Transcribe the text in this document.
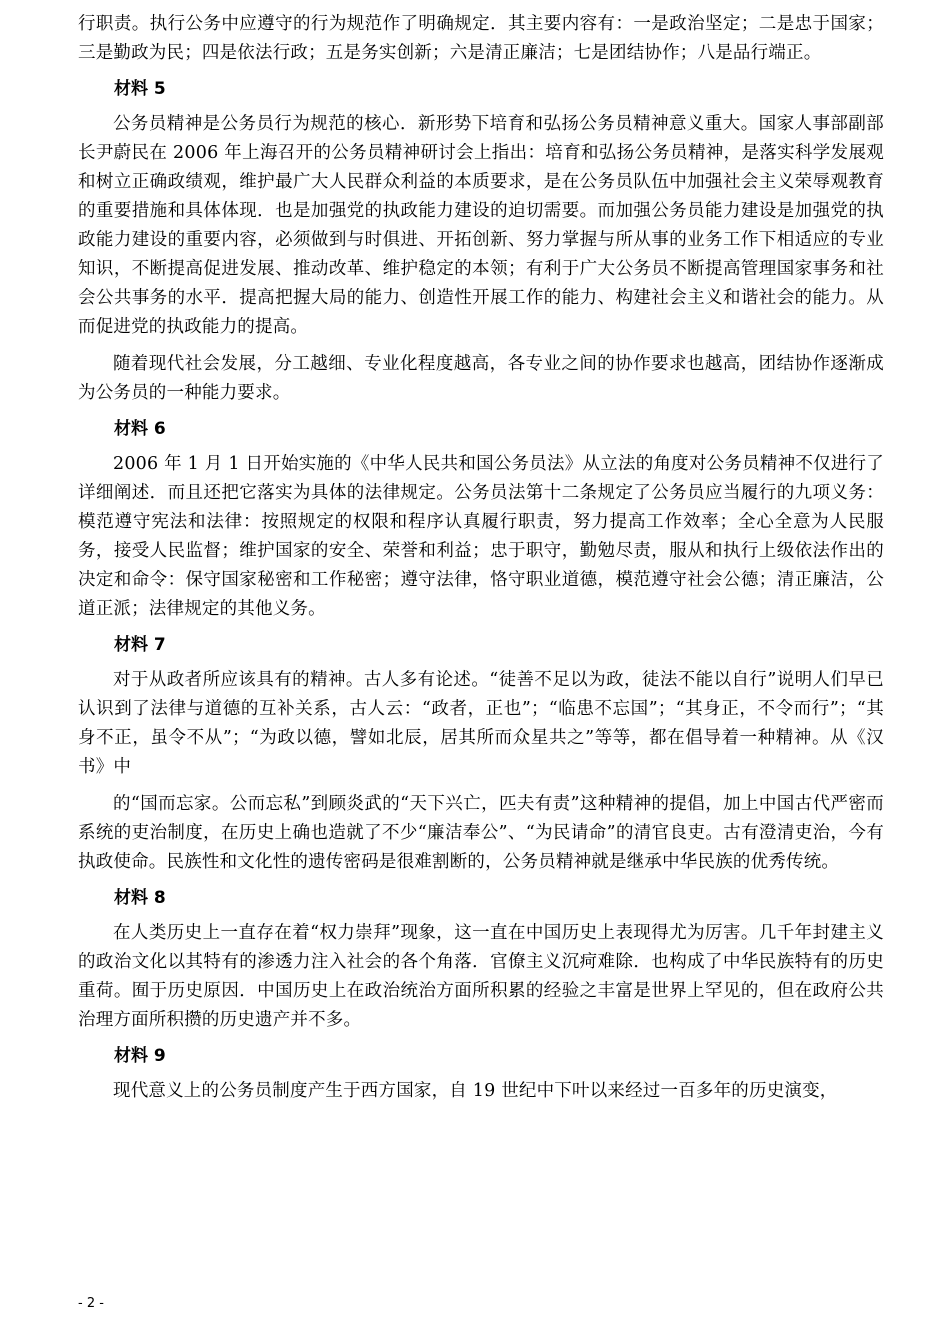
行职责。执行公务中应遵守的行为规范作了明确规定．其主要内容有：一是政治坚定；二是忠于国家；三是勤政为民；四是依法行政；五是务实创新；六是清正廉洁；七是团结协作；八是品行端正。

材料 5

公务员精神是公务员行为规范的核心．新形势下培育和弘扬公务员精神意义重大。国家人事部副部长尹蔚民在 2006 年上海召开的公务员精神研讨会上指出：培育和弘扬公务员精神，是落实科学发展观和树立正确政绩观，维护最广大人民群众利益的本质要求，是在公务员队伍中加强社会主义荣辱观教育的重要措施和具体体现．也是加强党的执政能力建设的迫切需要。而加强公务员能力建设是加强党的执政能力建设的重要内容，必须做到与时俱进、开拓创新、努力掌握与所从事的业务工作下相适应的专业知识，不断提高促进发展、推动改革、维护稳定的本领；有利于广大公务员不断提高管理国家事务和社会公共事务的水平．提高把握大局的能力、创造性开展工作的能力、构建社会主义和谐社会的能力。从而促进党的执政能力的提高。

随着现代社会发展，分工越细、专业化程度越高，各专业之间的协作要求也越高，团结协作逐渐成为公务员的一种能力要求。

材料 6

2006 年 1 月 1 日开始实施的《中华人民共和国公务员法》从立法的角度对公务员精神不仅进行了详细阐述．而且还把它落实为具体的法律规定。公务员法第十二条规定了公务员应当履行的九项义务：模范遵守宪法和法律：按照规定的权限和程序认真履行职责，努力提高工作效率；全心全意为人民服务，接受人民监督；维护国家的安全、荣誉和利益；忠于职守，勤勉尽责，服从和执行上级依法作出的决定和命令：保守国家秘密和工作秘密；遵守法律，恪守职业道德，模范遵守社会公德；清正廉洁，公道正派；法律规定的其他义务。

材料 7

对于从政者所应该具有的精神。古人多有论述。“徒善不足以为政，徒法不能以自行”说明人们早已认识到了法律与道德的互补关系，古人云：“政者，正也”；“临患不忘国”；“其身正，不令而行”；“其身不正，虽令不从”；“为政以德，譬如北辰，居其所而众星共之”等等，都在倡导着一种精神。从《汉书》中

的“国而忘家。公而忘私”到顾炎武的“天下兴亡，匹夫有责”这种精神的提倡，加上中国古代严密而系统的吏治制度，在历史上确也造就了不少“廉洁奉公”、“为民请命”的清官良吏。古有澄清吏治，今有执政使命。民族性和文化性的遗传密码是很难割断的，公务员精神就是继承中华民族的优秀传统。

材料 8

在人类历史上一直存在着“权力崇拜”现象，这一直在中国历史上表现得尤为厉害。几千年封建主义的政治文化以其特有的渗透力注入社会的各个角落．官僚主义沉疴难除．也构成了中华民族特有的历史重荷。囿于历史原因．中国历史上在政治统治方面所积累的经验之丰富是世界上罕见的，但在政府公共治理方面所积攒的历史遗产并不多。

材料 9

现代意义上的公务员制度产生于西方国家，自 19 世纪中下叶以来经过一百多年的历史演变，

- 2 -
